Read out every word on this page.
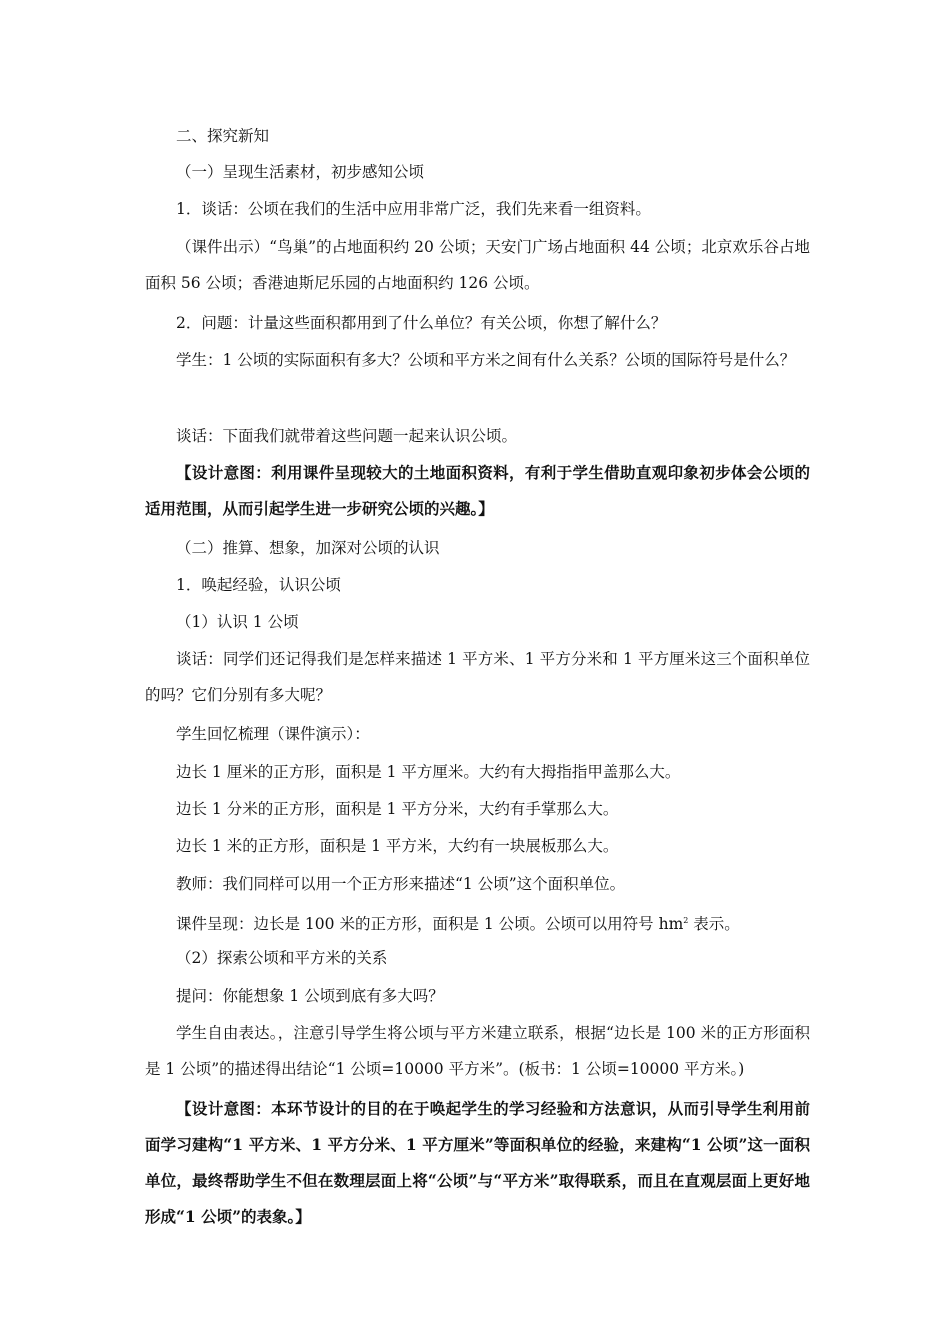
二、探究新知

（一）呈现生活素材，初步感知公顷

1．谈话：公顷在我们的生活中应用非常广泛，我们先来看一组资料。

（课件出示）“鸟巢”的占地面积约 20 公顷；天安门广场占地面积 44 公顷；北京欢乐谷占地面积 56 公顷；香港迪斯尼乐园的占地面积约 126 公顷。

2．问题：计量这些面积都用到了什么单位？有关公顷，你想了解什么？

学生：1 公顷的实际面积有多大？公顷和平方米之间有什么关系？公顷的国际符号是什么？

谈话：下面我们就带着这些问题一起来认识公顷。

【设计意图：利用课件呈现较大的土地面积资料，有利于学生借助直观印象初步体会公顷的适用范围，从而引起学生进一步研究公顷的兴趣。】

（二）推算、想象，加深对公顷的认识

1．唤起经验，认识公顷

（1）认识 1 公顷

谈话：同学们还记得我们是怎样来描述 1 平方米、1 平方分米和 1 平方厘米这三个面积单位的吗？它们分别有多大呢？

学生回忆梳理（课件演示）：

边长 1 厘米的正方形，面积是 1 平方厘米。大约有大拇指指甲盖那么大。

边长 1 分米的正方形，面积是 1 平方分米，大约有手掌那么大。

边长 1 米的正方形，面积是 1 平方米，大约有一块展板那么大。

教师：我们同样可以用一个正方形来描述“1 公顷”这个面积单位。

课件呈现：边长是 100 米的正方形，面积是 1 公顷。公顷可以用符号 $hm^2$ 表示。

（2）探索公顷和平方米的关系

提问：你能想象 1 公顷到底有多大吗？

学生自由表达。，注意引导学生将公顷与平方米建立联系，根据“边长是 100 米的正方形面积是 1 公顷”的描述得出结论“1 公顷=10000 平方米”。(板书：1 公顷=10000 平方米。)

【设计意图：本环节设计的目的在于唤起学生的学习经验和方法意识，从而引导学生利用前面学习建构“1 平方米、1 平方分米、1 平方厘米”等面积单位的经验，来建构“1 公顷”这一面积单位，最终帮助学生不但在数理层面上将“公顷”与“平方米”取得联系，而且在直观层面上更好地形成“1 公顷”的表象。】
